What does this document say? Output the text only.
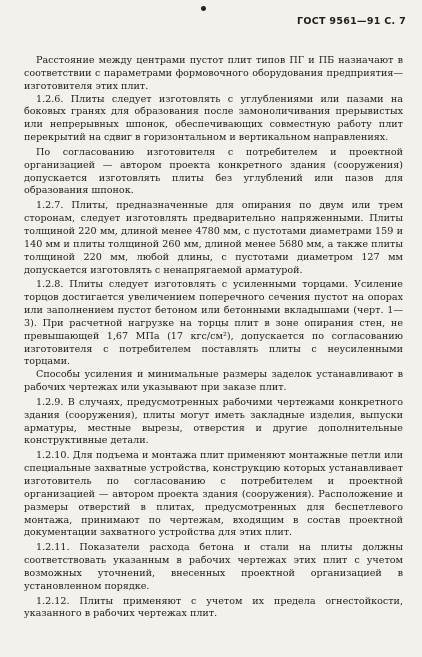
ГОСТ 9561—91 С. 7

Расстояние между центрами пустот плит типов ПГ и ПБ назначают в соответствии с параметрами формовочного оборудования предприятия—изготовителя этих плит.

1.2.6. Плиты следует изготовлять с углублениями или пазами на боковых гранях для образования после замоноличивания прерывистых или непрерывных шпонок, обеспечивающих совместную работу плит перекрытий на сдвиг в горизонтальном и вертикальном направлениях.

По согласованию изготовителя с потребителем и проектной организацией — автором проекта конкретного здания (сооружения) допускается изготовлять плиты без углублений или пазов для образования шпонок.

1.2.7. Плиты, предназначенные для опирания по двум или трем сторонам, следует изготовлять предварительно напряженными. Плиты толщиной 220 мм, длиной менее 4780 мм, с пустотами диаметрами 159 и 140 мм и плиты толщиной 260 мм, длиной менее 5680 мм, а также плиты толщиной 220 мм, любой длины, с пустотами диаметром 127 мм допускается изготовлять с ненапрягаемой арматурой.

1.2.8. Плиты следует изготовлять с усиленными торцами. Усиление торцов достигается увеличением поперечного сечения пустот на опорах или заполнением пустот бетоном или бетонными вкладышами (черт. 1—3). При расчетной нагрузке на торцы плит в зоне опирания стен, не превышающей 1,67 МПа (17 кгс/см²), допускается по согласованию изготовителя с потребителем поставлять плиты с неусиленными торцами.

Способы усиления и минимальные размеры заделок устанавливают в рабочих чертежах или указывают при заказе плит.

1.2.9. В случаях, предусмотренных рабочими чертежами конкретного здания (сооружения), плиты могут иметь закладные изделия, выпуски арматуры, местные вырезы, отверстия и другие дополнительные конструктивные детали.

1.2.10. Для подъема и монтажа плит применяют монтажные петли или специальные захватные устройства, конструкцию которых устанавливает изготовитель по согласованию с потребителем и проектной организацией — автором проекта здания (сооружения). Расположение и размеры отверстий в плитах, предусмотренных для беспетлевого монтажа, принимают по чертежам, входящим в состав проектной документации захватного устройства для этих плит.

1.2.11. Показатели расхода бетона и стали на плиты должны соответствовать указанным в рабочих чертежах этих плит с учетом возможных уточнений, внесенных проектной организацией в установленном порядке.

1.2.12. Плиты применяют с учетом их предела огнестойкости, указанного в рабочих чертежах плит.
